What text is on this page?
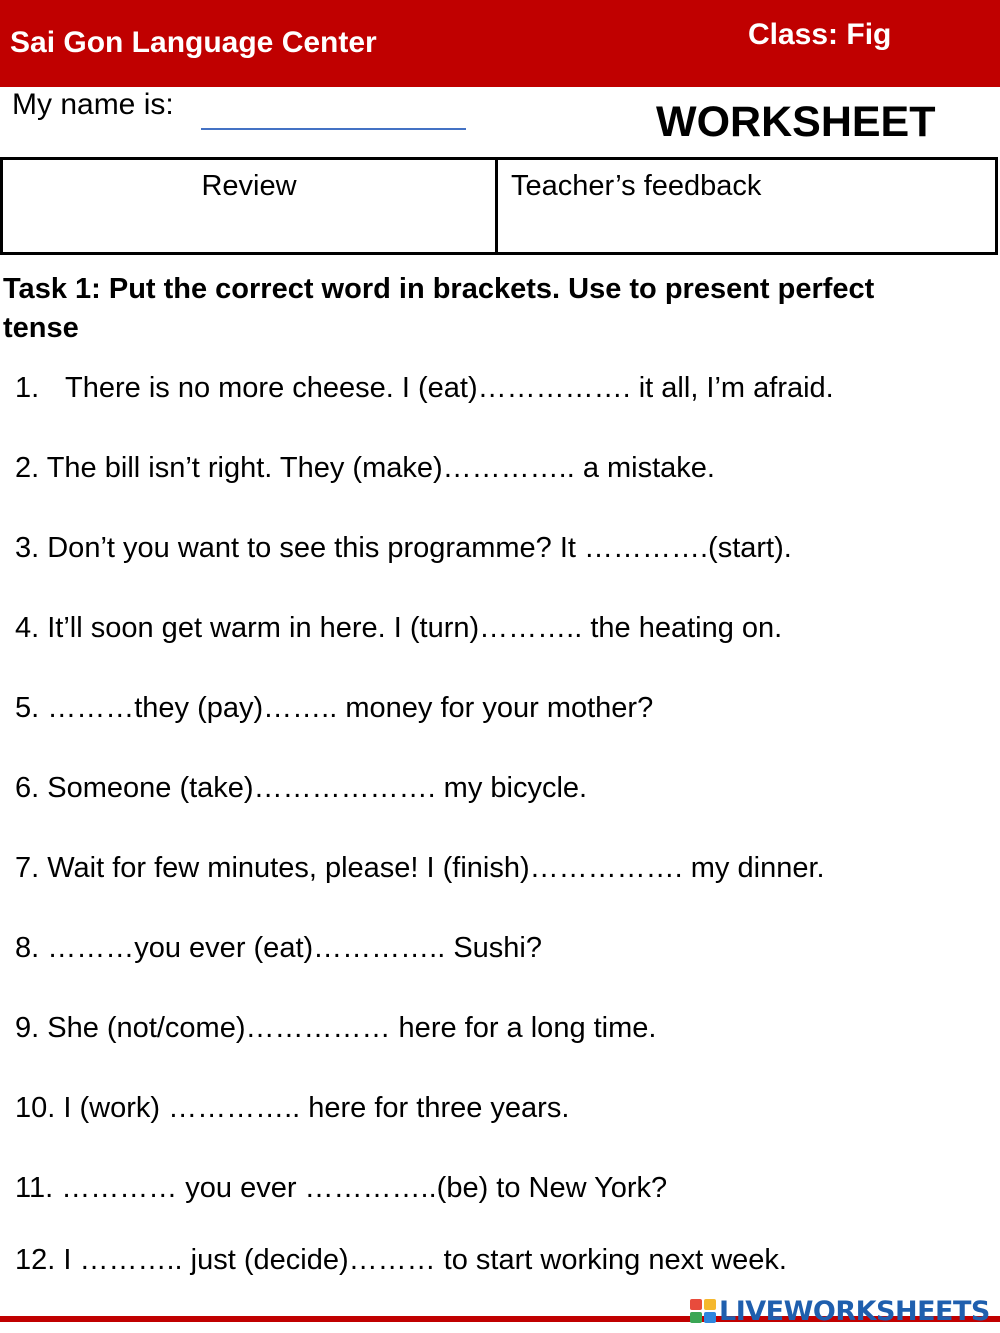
Sai Gon Language Center	Class: Fig
My name is:	WORKSHEET
Review	Teacher’s feedback
Task 1: Put the correct word in brackets. Use to present perfect
tense
1. There is no more cheese. I (eat)……………. it all, I’m afraid.
2. The bill isn’t right. They (make)………….. a mistake.
3. Don’t you want to see this programme? It ………….(start).
4. It’ll soon get warm in here. I (turn)……….. the heating on.
5. ………they (pay)…….. money for your mother?
6. Someone (take)………………. my bicycle.
7. Wait for few minutes, please! I (finish)……………. my dinner.
8. ………you ever (eat)………….. Sushi?
9. She (not/come)…………… here for a long time.
10. I (work) ………….. here for three years.
11. ………… you ever …………..(be) to New York?
12. I ……….. just (decide)……… to start working next week.
LIVEWORKSHEETS
